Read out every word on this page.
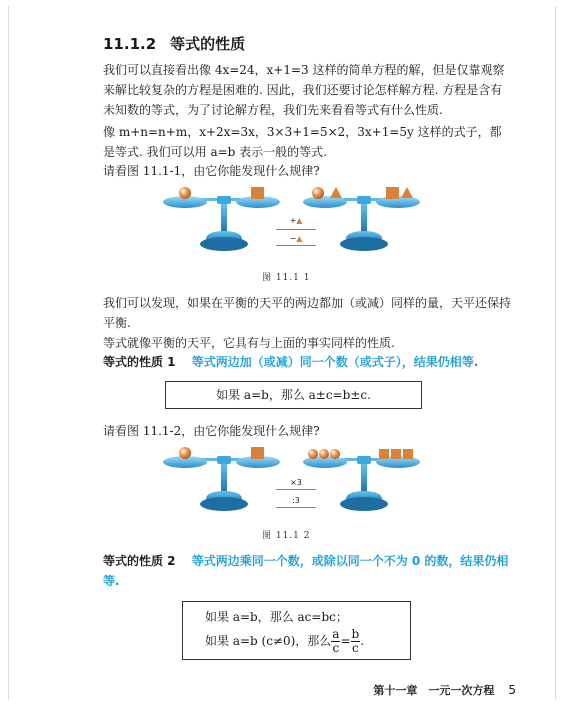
11.1.2 等式的性质
我们可以直接看出像 4x=24，x+1=3 这样的简单方程的解，但是仅靠观察来解比较复杂的方程是困难的. 因此，我们还要讨论怎样解方程. 方程是含有未知数的等式，为了讨论解方程，我们先来看看等式有什么性质.
像 m+n=n+m，x+2x=3x，3×3+1=5×2，3x+1=5y 这样的式子，都是等式. 我们可以用 a=b 表示一般的等式.
请看图 11.1-1，由它你能发现什么规律?
+▲
−▲
图 11.1 1
我们可以发现，如果在平衡的天平的两边都加（或减）同样的量，天平还保持平衡.
等式就像平衡的天平，它具有与上面的事实同样的性质.
等式的性质 1 等式两边加（或减）同一个数（或式子），结果仍相等.
如果 a=b，那么 a±c=b±c.
请看图 11.1-2，由它你能发现什么规律?
×3
:3
图 11.1 2
等式的性质 2 等式两边乘同一个数，或除以同一个不为 0 的数，结果仍相等.
如果 a=b，那么 ac=bc；
如果 a=b (c≠0)，那么 $\frac{a}{c} = \frac{b}{c}$ .
第十一章　一元一次方程 5
